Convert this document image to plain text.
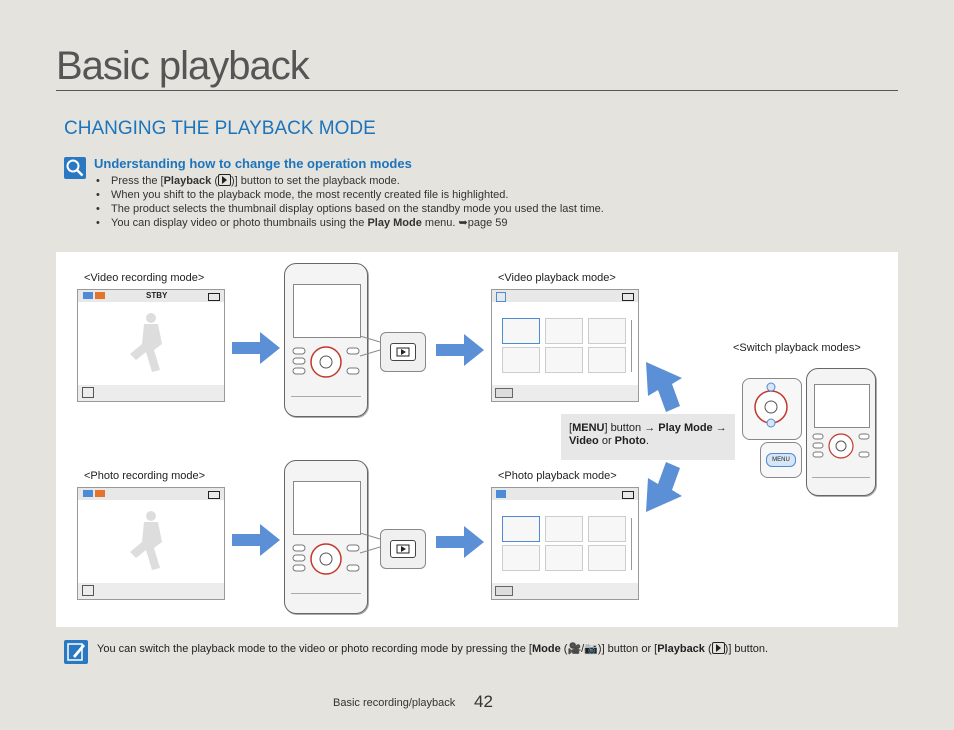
Basic playback
CHANGING THE PLAYBACK MODE
Understanding how to change the operation modes
• Press the [Playback ( )] button to set the playback mode.
• When you shift to the playback mode, the most recently created file is highlighted.
• The product selects the thumbnail display options based on the standby mode you used the last time.
• You can display video or photo thumbnails using the Play Mode menu. ➥page 59
<Video recording mode>	<Video playback mode>
<Photo recording mode>	<Photo playback mode>
<Switch playback modes>
STBY
[MENU] button → Play Mode →
Video or Photo.
MENU
You can switch the playback mode to the video or photo recording mode by pressing the [Mode (🎥/📷)] button or [Playback ( )] button.
Basic recording/playback 42
